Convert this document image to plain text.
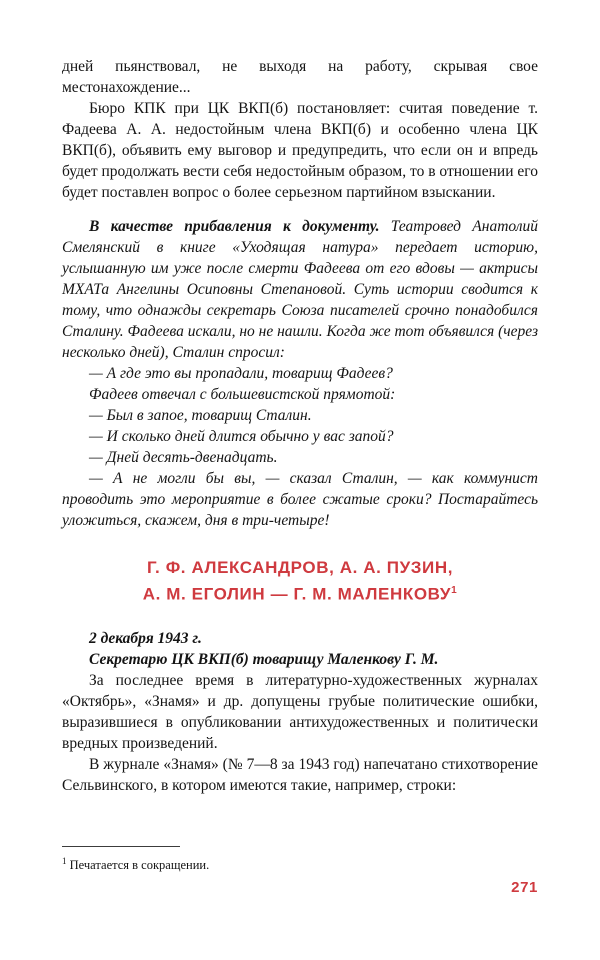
дней пьянствовал, не выходя на работу, скрывая свое местонахождение...

Бюро КПК при ЦК ВКП(б) постановляет: считая поведение т. Фадеева А. А. недостойным члена ВКП(б) и особенно члена ЦК ВКП(б), объявить ему выговор и предупредить, что если он и впредь будет продолжать вести себя недостойным образом, то в отношении его будет поставлен вопрос о более серьезном партийном взыскании.

В качестве прибавления к документу. Театровед Анатолий Смелянский в книге «Уходящая натура» передает историю, услышанную им уже после смерти Фадеева от его вдовы — актрисы МХАТа Ангелины Осиповны Степановой. Суть истории сводится к тому, что однажды секретарь Союза писателей срочно понадобился Сталину. Фадеева искали, но не нашли. Когда же тот объявился (через несколько дней), Сталин спросил:

— А где это вы пропадали, товарищ Фадеев?

Фадеев отвечал с большевистской прямотой:

— Был в запое, товарищ Сталин.

— И сколько дней длится обычно у вас запой?

— Дней десять-двенадцать.

— А не могли бы вы, — сказал Сталин, — как коммунист проводить это мероприятие в более сжатые сроки? Постарайтесь уложиться, скажем, дня в три-четыре!

Г. Ф. АЛЕКСАНДРОВ, А. А. ПУЗИН,
А. М. ЕГОЛИН — Г. М. МАЛЕНКОВУ$^1$

2 декабря 1943 г.

Секретарю ЦК ВКП(б) товарищу Маленкову Г. М.

За последнее время в литературно-художественных журналах «Октябрь», «Знамя» и др. допущены грубые политические ошибки, выразившиеся в опубликовании антихудожественных и политически вредных произведений.

В журнале «Знамя» (№ 7—8 за 1943 год) напечатано стихотворение Сельвинского, в котором имеются такие, например, строки:

$^1$ Печатается в сокращении.

271
